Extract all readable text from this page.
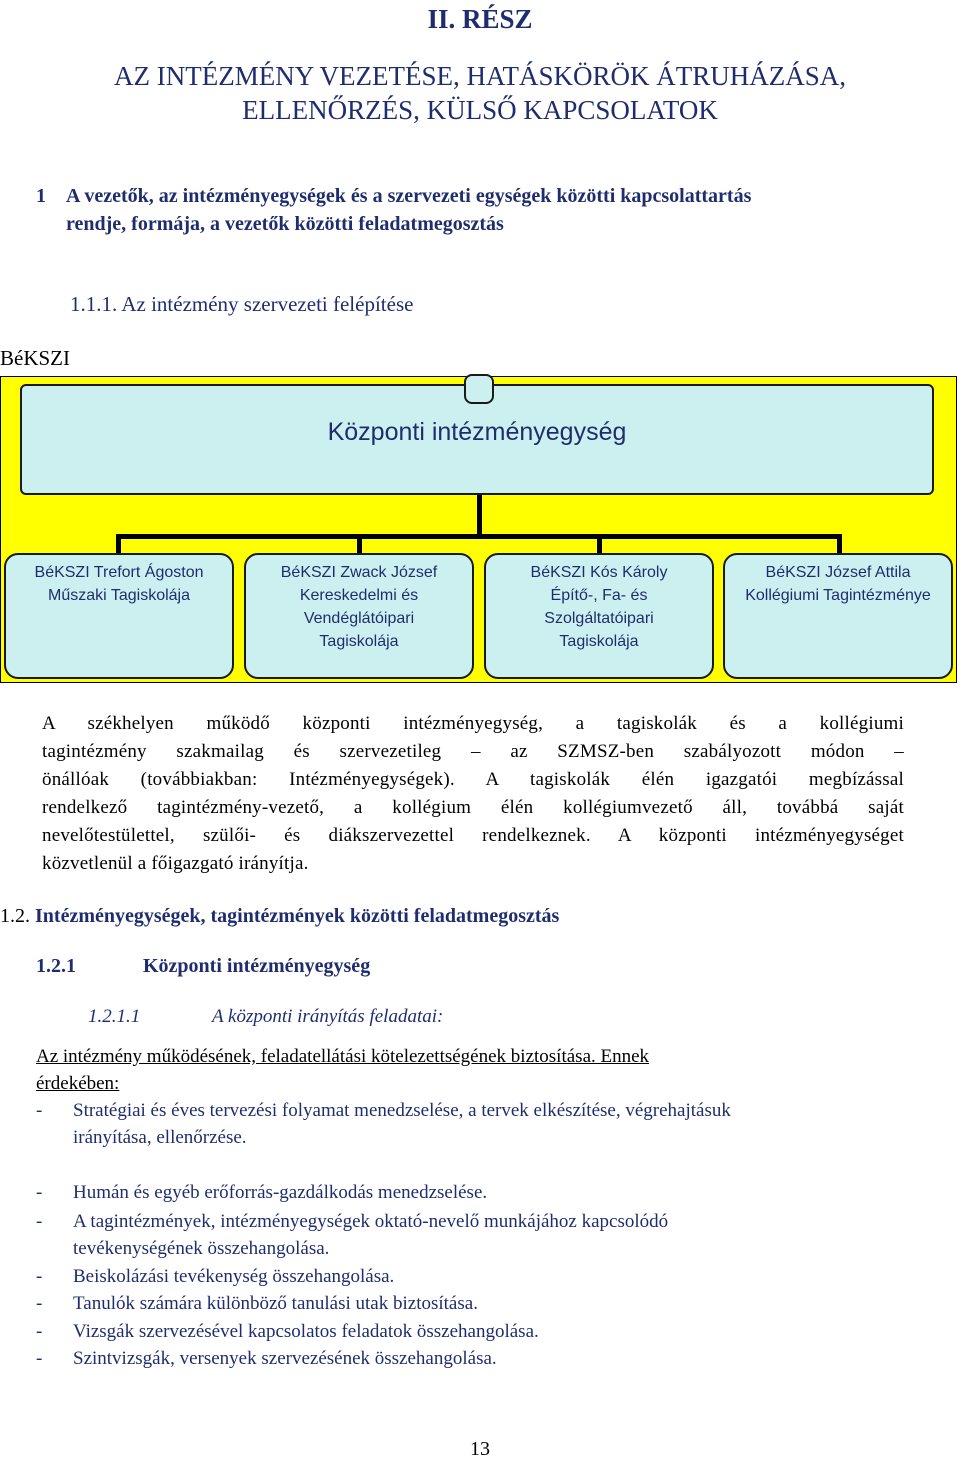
II. RÉSZ
AZ INTÉZMÉNY VEZETÉSE, HATÁSKÖRÖK ÁTRUHÁZÁSA,
ELLENŐRZÉS, KÜLSŐ KAPCSOLATOK
1 A vezetők, az intézményegységek és a szervezeti egységek közötti kapcsolattartás
rendje, formája, a vezetők közötti feladatmegosztás
1.1.1. Az intézmény szervezeti felépítése
BéKSZI
Központi intézményegység
BéKSZI Trefort Ágoston
Műszaki Tagiskolája
BéKSZI Zwack József
Kereskedelmi és
Vendéglátóipari
Tagiskolája
BéKSZI Kós Károly
Építő-, Fa- és
Szolgáltatóipari
Tagiskolája
BéKSZI József Attila
Kollégiumi Tagintézménye
A székhelyen működő központi intézményegység, a tagiskolák és a kollégiumi
tagintézmény szakmailag és szervezetileg – az SZMSZ-ben szabályozott módon –
önállóak (továbbiakban: Intézményegységek). A tagiskolák élén igazgatói megbízással
rendelkező tagintézmény-vezető, a kollégium élén kollégiumvezető áll, továbbá saját
nevelőtestülettel, szülői- és diákszervezettel rendelkeznek. A központi intézményegységet
közvetlenül a főigazgató irányítja.
1.2. Intézményegységek, tagintézmények közötti feladatmegosztás
1.2.1	Központi intézményegység
1.2.1.1	A központi irányítás feladatai:
Az intézmény működésének, feladatellátási kötelezettségének biztosítása. Ennek
érdekében:
- Stratégiai és éves tervezési folyamat menedzselése, a tervek elkészítése, végrehajtásuk
irányítása, ellenőrzése.
- Humán és egyéb erőforrás-gazdálkodás menedzselése.
- A tagintézmények, intézményegységek oktató-nevelő munkájához kapcsolódó
tevékenységének összehangolása.
- Beiskolázási tevékenység összehangolása.
- Tanulók számára különböző tanulási utak biztosítása.
- Vizsgák szervezésével kapcsolatos feladatok összehangolása.
- Szintvizsgák, versenyek szervezésének összehangolása.
13
